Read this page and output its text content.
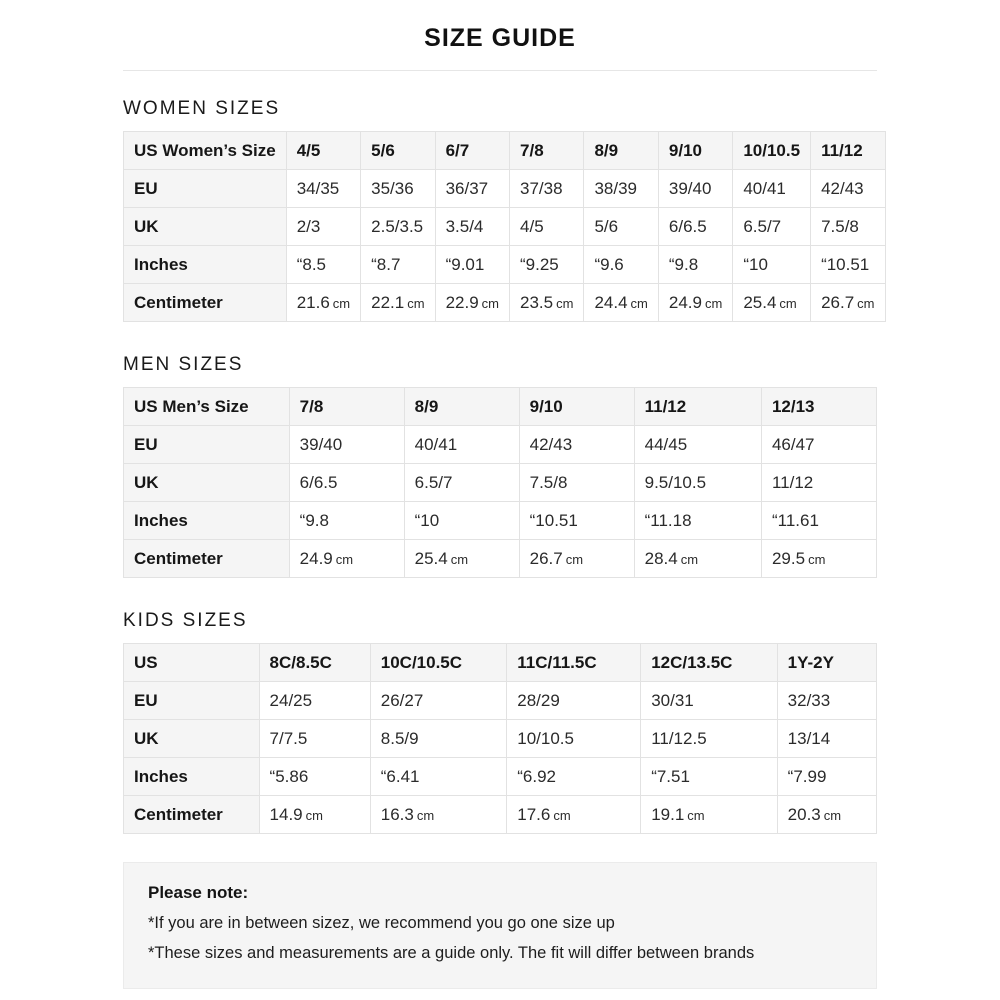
SIZE GUIDE
WOMEN SIZES
US Women’s Size	4/5	5/6	6/7	7/8	8/9	9/10	10/10.5	11/12
EU	34/35	35/36	36/37	37/38	38/39	39/40	40/41	42/43
UK	2/3	2.5/3.5	3.5/4	4/5	5/6	6/6.5	6.5/7	7.5/8
Inches	“8.5	“8.7	“9.01	“9.25	“9.6	“9.8	“10	“10.51
Centimeter	21.6 cm	22.1 cm	22.9 cm	23.5 cm	24.4 cm	24.9 cm	25.4 cm	26.7 cm
MEN SIZES
US Men’s Size	7/8	8/9	9/10	11/12	12/13
EU	39/40	40/41	42/43	44/45	46/47
UK	6/6.5	6.5/7	7.5/8	9.5/10.5	11/12
Inches	“9.8	“10	“10.51	“11.18	“11.61
Centimeter	24.9 cm	25.4 cm	26.7 cm	28.4 cm	29.5 cm
KIDS SIZES
US	8C/8.5C	10C/10.5C	11C/11.5C	12C/13.5C	1Y-2Y
EU	24/25	26/27	28/29	30/31	32/33
UK	7/7.5	8.5/9	10/10.5	11/12.5	13/14
Inches	“5.86	“6.41	“6.92	“7.51	“7.99
Centimeter	14.9 cm	16.3 cm	17.6 cm	19.1 cm	20.3 cm
Please note:

*If you are in between sizez, we recommend you go one size up

*These sizes and measurements are a guide only. The fit will differ between brands
